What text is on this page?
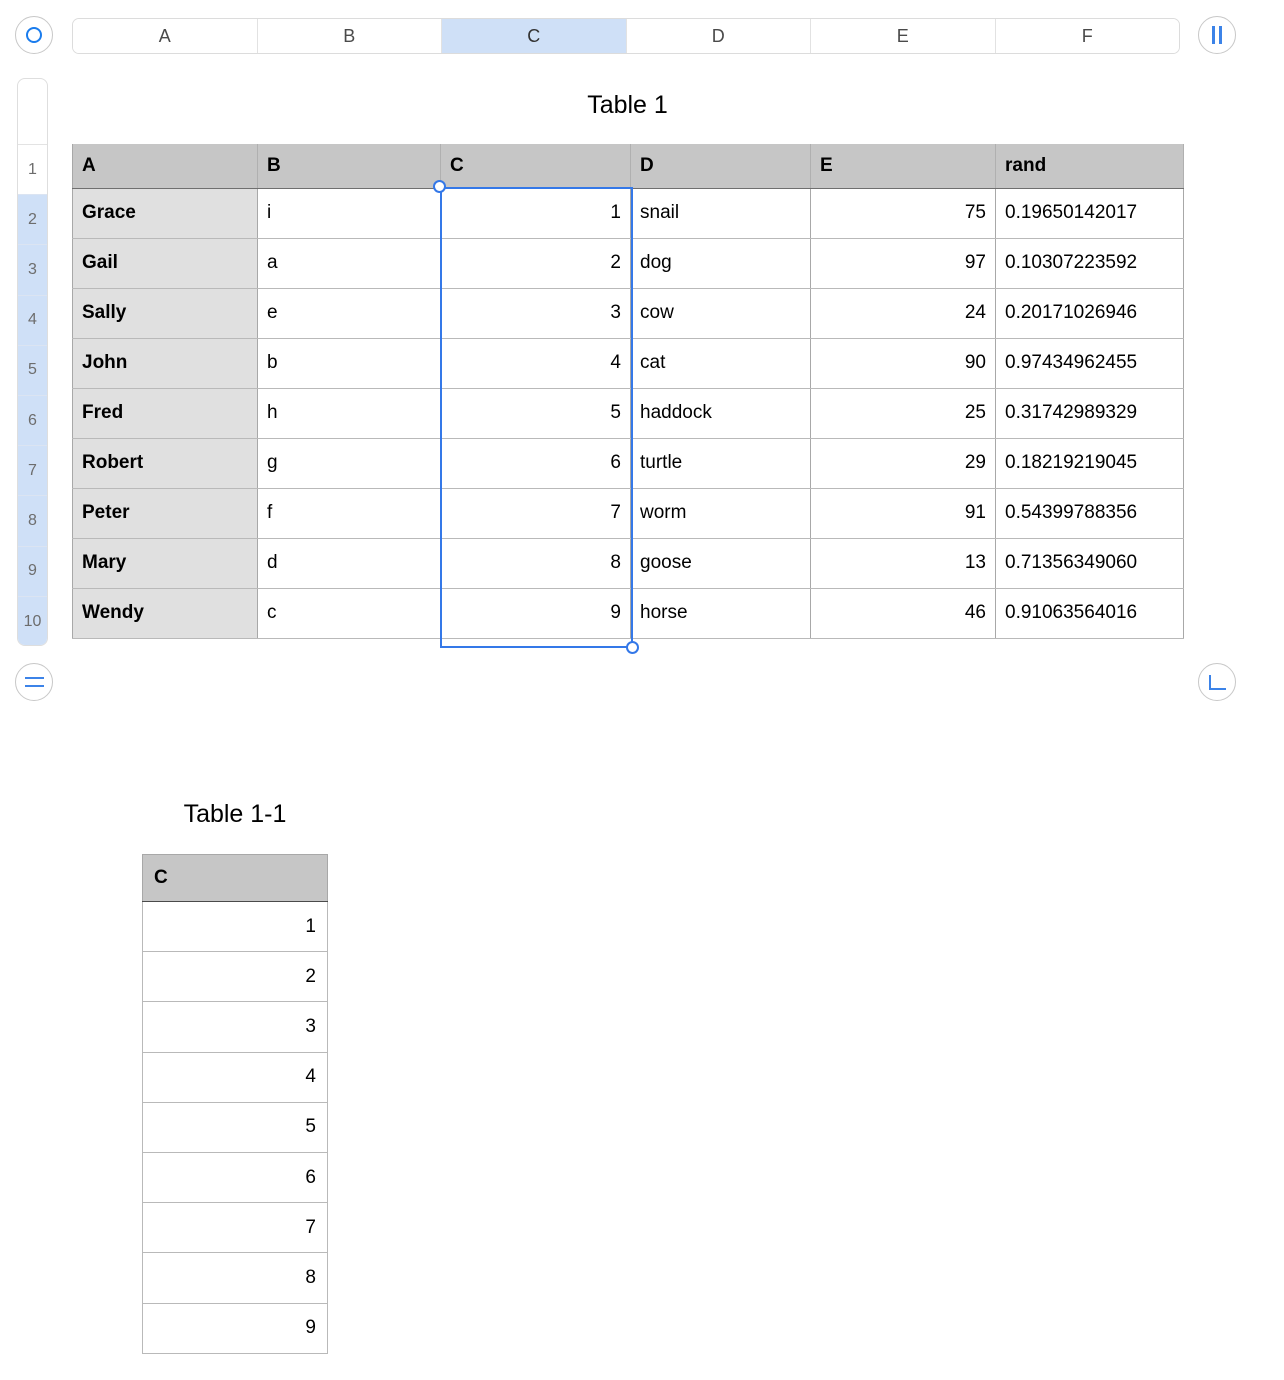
A	B	C	D	E	F
1
2
3
4
5
6
7
8
9
10
Table 1
A	B	C	D	E	rand
Grace	i	1	snail	75	0.19650142017
Gail	a	2	dog	97	0.10307223592
Sally	e	3	cow	24	0.20171026946
John	b	4	cat	90	0.97434962455
Fred	h	5	haddock	25	0.31742989329
Robert	g	6	turtle	29	0.18219219045
Peter	f	7	worm	91	0.54399788356
Mary	d	8	goose	13	0.71356349060
Wendy	c	9	horse	46	0.91063564016
Table 1-1
C
1
2
3
4
5
6
7
8
9
